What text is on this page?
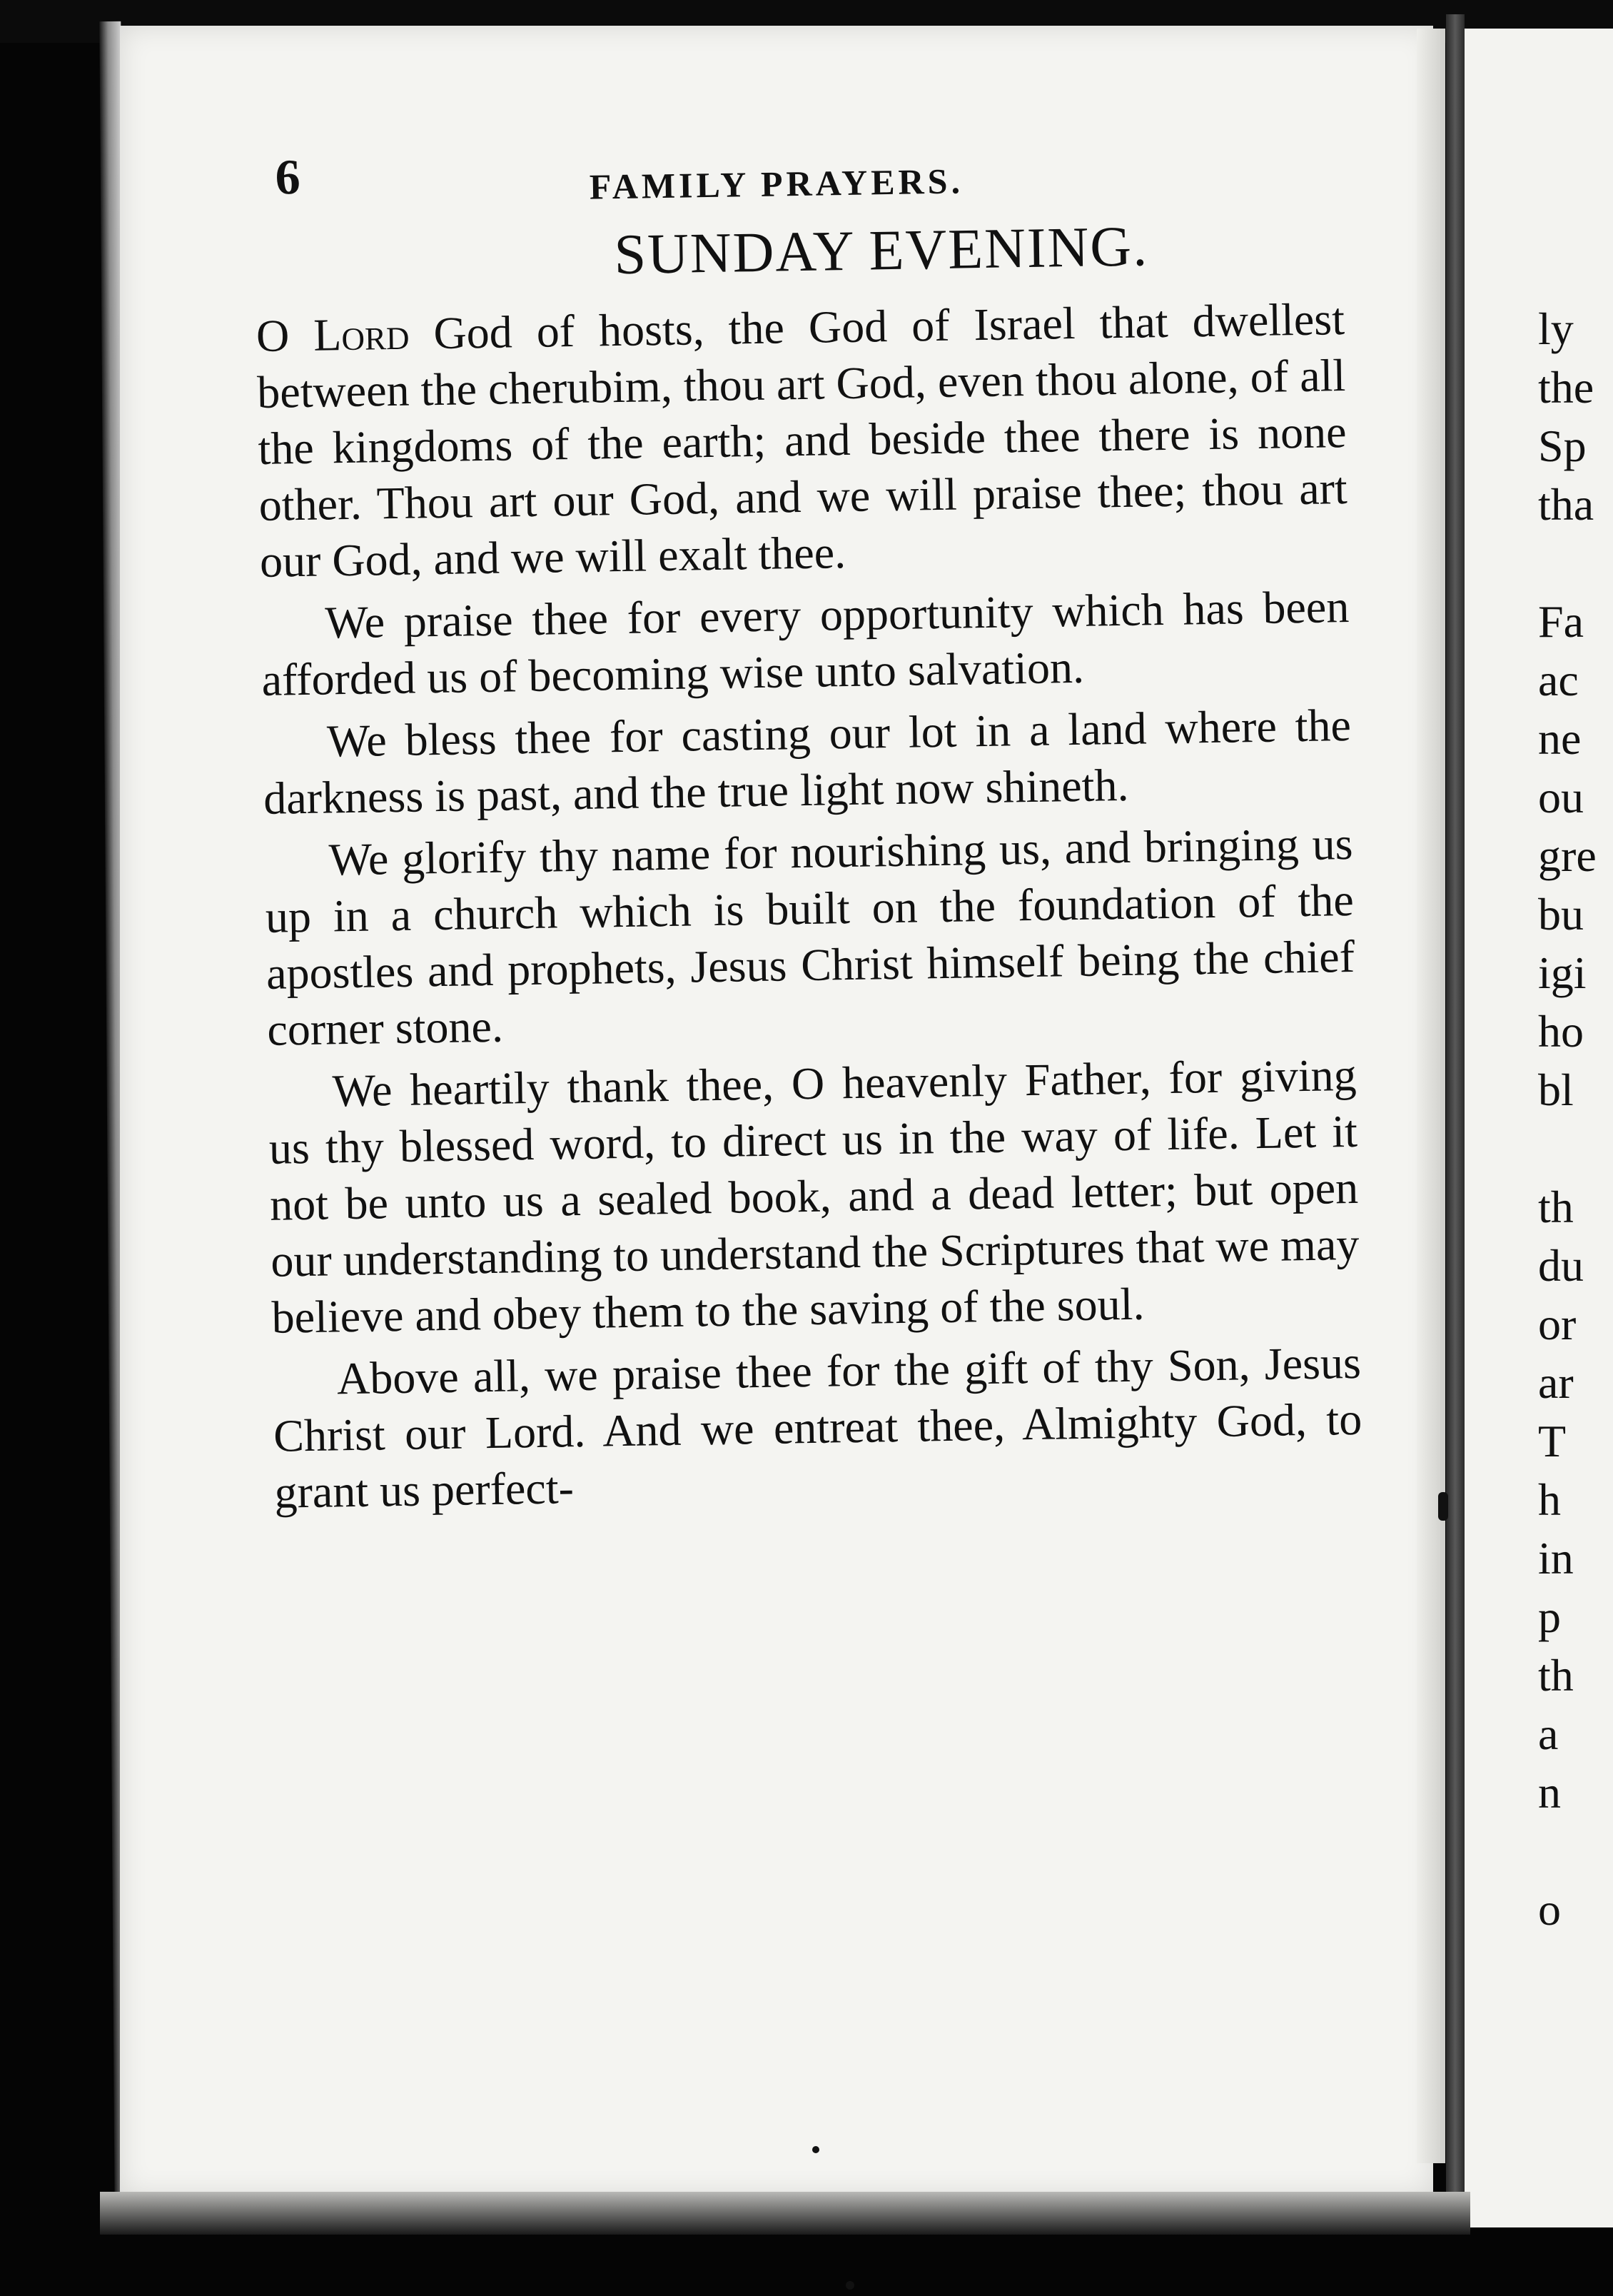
6	FAMILY PRAYERS.
SUNDAY EVENING.

O Lord God of hosts, the God of Israel that dwellest between the cherubim, thou art God, even thou alone, of all the kingdoms of the earth; and beside thee there is none other. Thou art our God, and we will praise thee; thou art our God, and we will exalt thee.

We praise thee for every opportunity which has been afforded us of becoming wise unto salvation.

We bless thee for casting our lot in a land where the darkness is past, and the true light now shineth.

We glorify thy name for nourishing us, and bringing us up in a church which is built on the foundation of the apostles and prophets, Jesus Christ himself being the chief corner stone.

We heartily thank thee, O heavenly Father, for giving us thy blessed word, to direct us in the way of life. Let it not be unto us a sealed book, and a dead letter; but open our understanding to understand the Scriptures that we may believe and obey them to the saving of the soul.

Above all, we praise thee for the gift of thy Son, Jesus Christ our Lord. And we entreat thee, Almighty God, to grant us perfect-

ly
the
Sp
tha
Fa
ac
ne
ou
gre
bu
igi
ho
bl
th
du
or
ar
T
h
in
p
th
a
n
o
